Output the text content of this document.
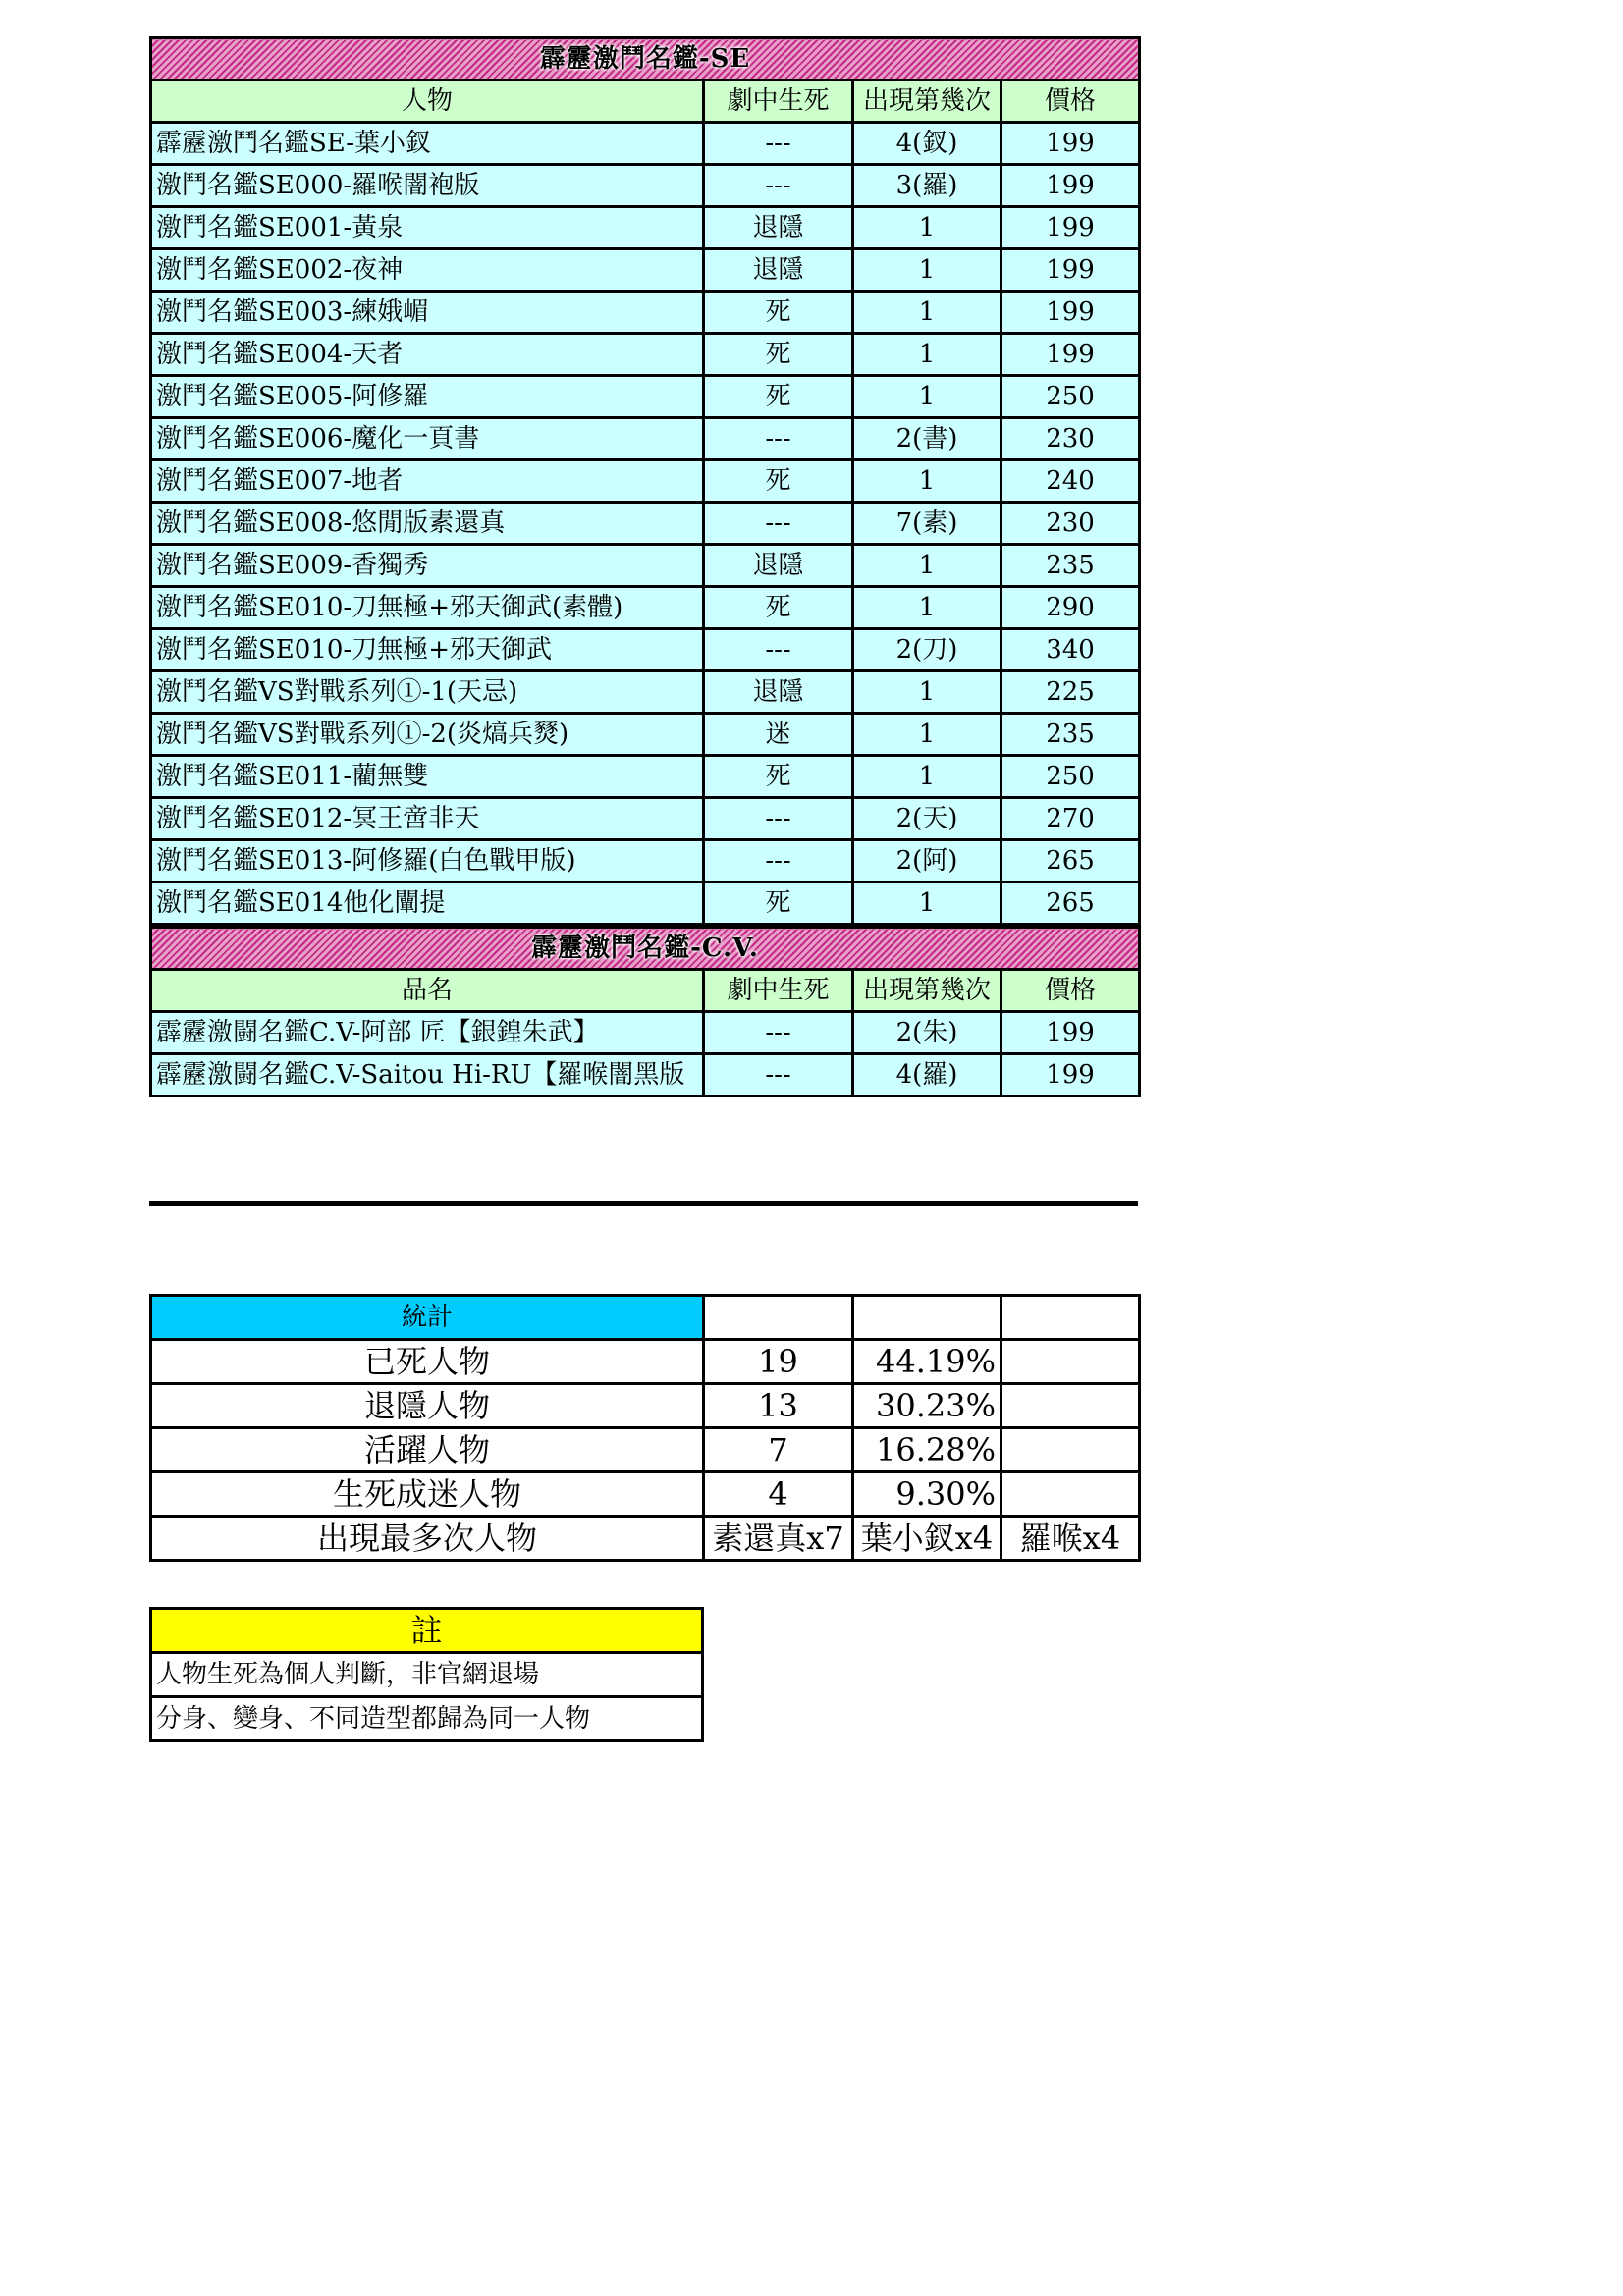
霹靂激鬥名鑑-SE			
人物	劇中生死	出現第幾次	價格
霹靂激鬥名鑑SE-葉小釵	---	4(釵)	199
激鬥名鑑SE000-羅喉闇袍版	---	3(羅)	199
激鬥名鑑SE001-黃泉	退隱	1	199
激鬥名鑑SE002-夜神	退隱	1	199
激鬥名鑑SE003-練娥嵋	死	1	199
激鬥名鑑SE004-天者	死	1	199
激鬥名鑑SE005-阿修羅	死	1	250
激鬥名鑑SE006-魔化一頁書	---	2(書)	230
激鬥名鑑SE007-地者	死	1	240
激鬥名鑑SE008-悠閒版素還真	---	7(素)	230
激鬥名鑑SE009-香獨秀	退隱	1	235
激鬥名鑑SE010-刀無極+邪天御武(素體)	死	1	290
激鬥名鑑SE010-刀無極+邪天御武	---	2(刀)	340
激鬥名鑑VS對戰系列①-1(天忌)	退隱	1	225
激鬥名鑑VS對戰系列①-2(炎熇兵燹)	迷	1	235
激鬥名鑑SE011-藺無雙	死	1	250
激鬥名鑑SE012-冥王啻非天	---	2(天)	270
激鬥名鑑SE013-阿修羅(白色戰甲版)	---	2(阿)	265
激鬥名鑑SE014他化闡提	死	1	265
霹靂激鬥名鑑-C.V.			
品名	劇中生死	出現第幾次	價格
霹靂激闘名鑑C.V-阿部 匠【銀鍠朱武】	---	2(朱)	199
霹靂激闘名鑑C.V-Saitou Hi-RU【羅喉闇黑版	---	4(羅)	199
統計			
已死人物	19	44.19%	
退隱人物	13	30.23%	
活躍人物	7	16.28%	
生死成迷人物	4	9.30%	
出現最多次人物	素還真x7	葉小釵x4	羅喉x4
註
人物生死為個人判斷，非官網退場
分身、變身、不同造型都歸為同一人物
